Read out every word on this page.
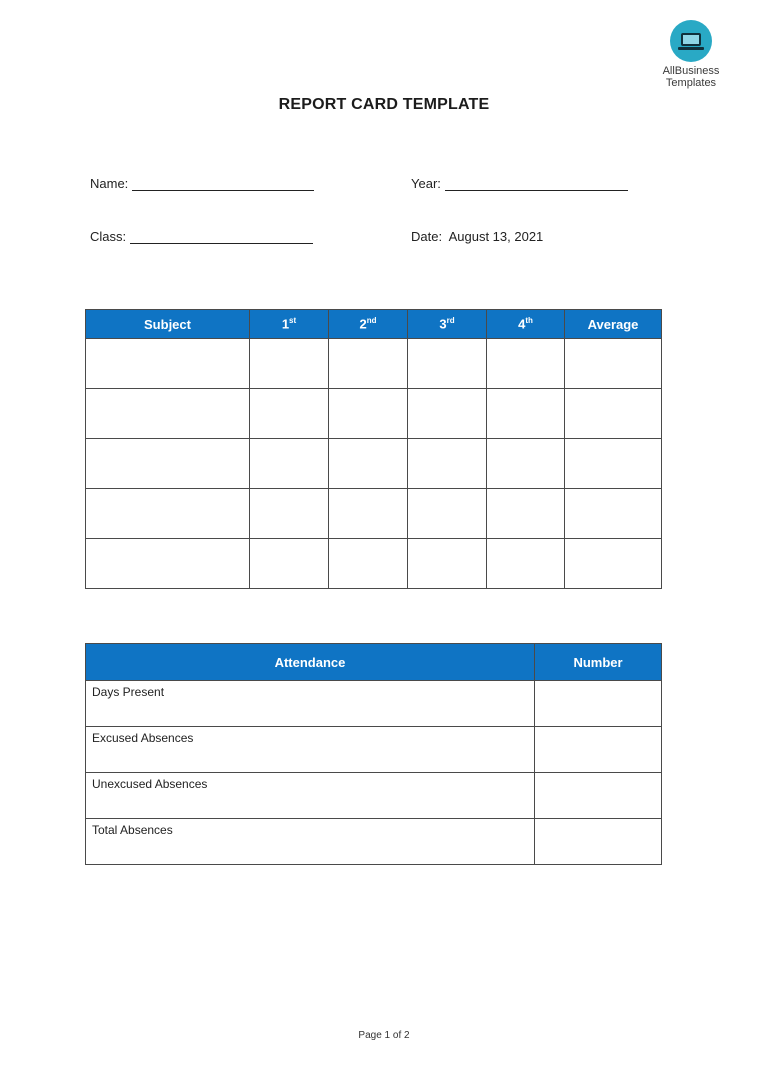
AllBusiness
Templates
REPORT CARD TEMPLATE
Name:	Year:
Class:	Date: August 13, 2021
Subject	1st	2nd	3rd	4th	Average

Attendance	Number
Days Present	
Excused Absences	
Unexcused Absences	
Total Absences	
Page 1 of 2
